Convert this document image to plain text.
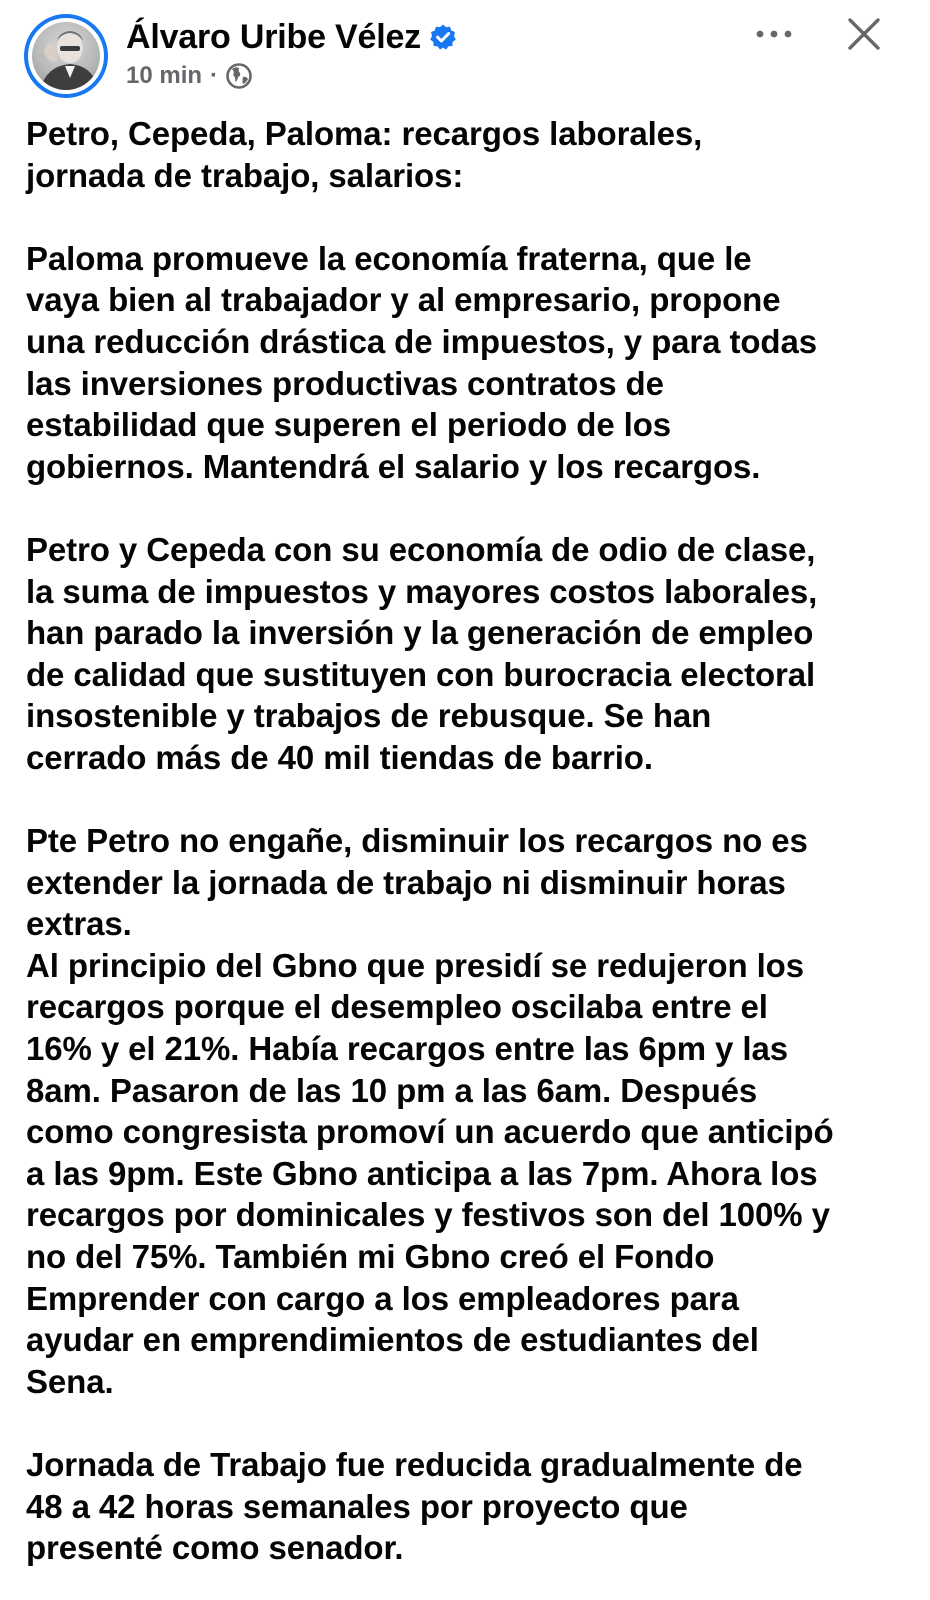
Álvaro Uribe Vélez
10 min ·

Petro, Cepeda, Paloma: recargos laborales,

jornada de trabajo, salarios:

Paloma promueve la economía fraterna, que le

vaya bien al trabajador y al empresario, propone

una reducción drástica de impuestos, y para todas

las inversiones productivas contratos de

estabilidad que superen el periodo de los

gobiernos. Mantendrá el salario y los recargos.

Petro y Cepeda con su economía de odio de clase,

la suma de impuestos y mayores costos laborales,

han parado la inversión y la generación de empleo

de calidad que sustituyen con burocracia electoral

insostenible y trabajos de rebusque. Se han

cerrado más de 40 mil tiendas de barrio.

Pte Petro no engañe, disminuir los recargos no es

extender la jornada de trabajo ni disminuir horas

extras.

Al principio del Gbno que presidí se redujeron los

recargos porque el desempleo oscilaba entre el

16% y el 21%. Había recargos entre las 6pm y las

8am. Pasaron de las 10 pm a las 6am. Después

como congresista promoví un acuerdo que anticipó

a las 9pm. Este Gbno anticipa a las 7pm. Ahora los

recargos por dominicales y festivos son del 100% y

no del 75%. También mi Gbno creó el Fondo

Emprender con cargo a los empleadores para

ayudar en emprendimientos de estudiantes del

Sena.

Jornada de Trabajo fue reducida gradualmente de

48 a 42 horas semanales por proyecto que

presenté como senador.
